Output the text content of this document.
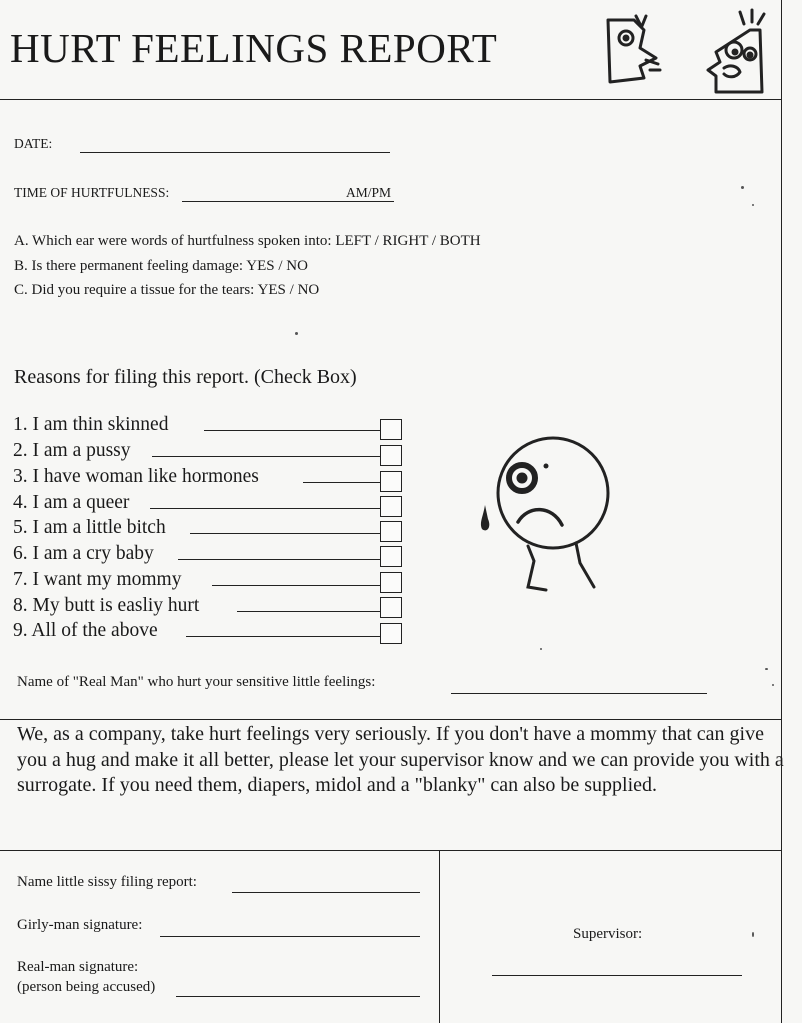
HURT FEELINGS REPORT
DATE:
TIME OF HURTFULNESS:	AM/PM
A. Which ear were words of hurtfulness spoken into: LEFT / RIGHT / BOTH
B. Is there permanent feeling damage: YES / NO
C. Did you require a tissue for the tears: YES / NO
Reasons for filing this report. (Check Box)
1. I am thin skinned
2. I am a pussy
3. I have woman like hormones
4. I am a queer
5. I am a little bitch
6. I am a cry baby
7. I want my mommy
8. My butt is easliy hurt
9. All of the above
Name of "Real Man" who hurt your sensitive little feelings:
We, as a company, take hurt feelings very seriously. If you don't have a mommy that can give you a hug and make it all better, please let your supervisor know and we can provide you with a surrogate. If you need them, diapers, midol and a "blanky" can also be supplied.
Name little sissy filing report:
Girly-man signature:
Real-man signature:
(person being accused)
Supervisor:
